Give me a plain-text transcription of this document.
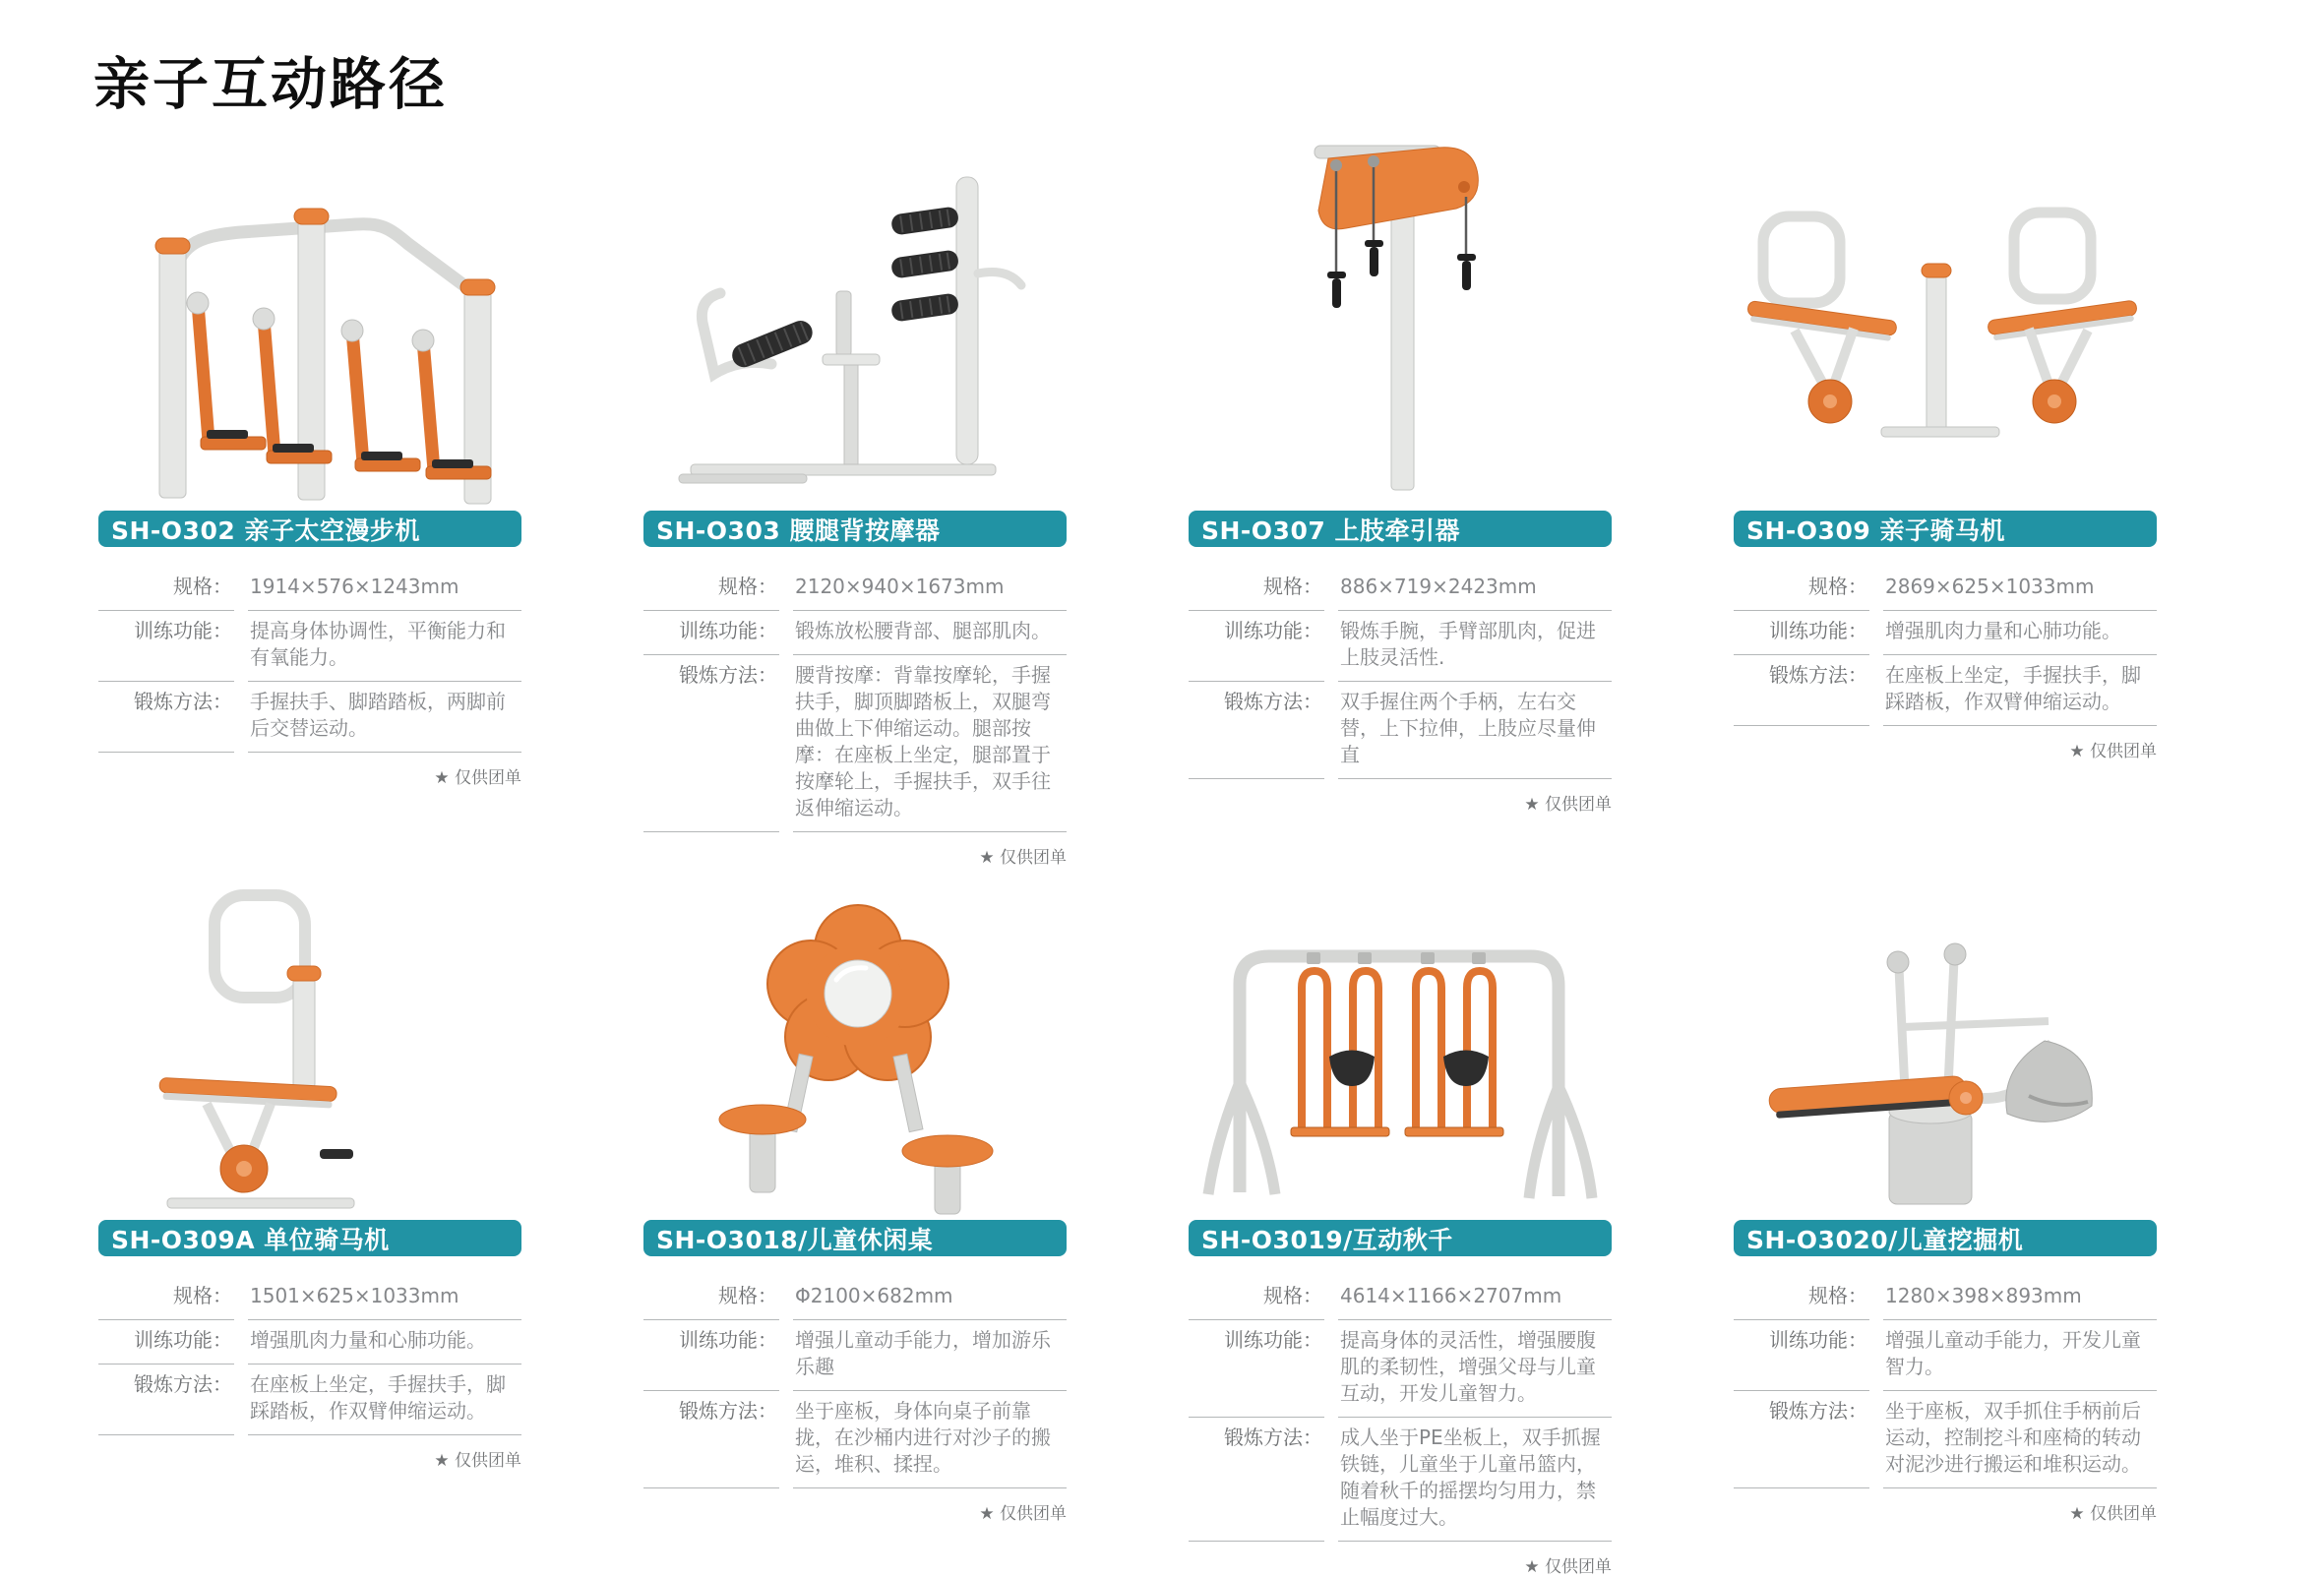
亲子互动路径
SH-O302 亲子太空漫步机
规格： 1914×576×1243mm
训练功能： 提高身体协调性，平衡能力和有氧能力。
锻炼方法： 手握扶手、脚踏踏板，两脚前后交替运动。
★ 仅供团单
SH-O303 腰腿背按摩器
规格： 2120×940×1673mm
训练功能： 锻炼放松腰背部、腿部肌肉。
锻炼方法： 腰背按摩：背靠按摩轮，手握扶手，脚顶脚踏板上，双腿弯曲做上下伸缩运动。腿部按摩：在座板上坐定，腿部置于按摩轮上，手握扶手，双手往返伸缩运动。
★ 仅供团单
SH-O307 上肢牵引器
规格： 886×719×2423mm
训练功能： 锻炼手腕，手臂部肌肉，促进上肢灵活性.
锻炼方法： 双手握住两个手柄，左右交替，上下拉伸，上肢应尽量伸直
★ 仅供团单
SH-O309 亲子骑马机
规格： 2869×625×1033mm
训练功能： 增强肌肉力量和心肺功能。
锻炼方法： 在座板上坐定，手握扶手，脚踩踏板，作双臂伸缩运动。
★ 仅供团单
SH-O309A 单位骑马机
规格： 1501×625×1033mm
训练功能： 增强肌肉力量和心肺功能。
锻炼方法： 在座板上坐定，手握扶手，脚踩踏板，作双臂伸缩运动。
★ 仅供团单
SH-O3018/儿童休闲桌
规格： Φ2100×682mm
训练功能： 增强儿童动手能力，增加游乐乐趣
锻炼方法： 坐于座板，身体向桌子前靠拢，在沙桶内进行对沙子的搬运，堆积、揉捏。
★ 仅供团单
SH-O3019/互动秋千
规格： 4614×1166×2707mm
训练功能： 提高身体的灵活性，增强腰腹肌的柔韧性，增强父母与儿童互动，开发儿童智力。
锻炼方法： 成人坐于PE坐板上，双手抓握铁链，儿童坐于儿童吊篮内，随着秋千的摇摆均匀用力，禁止幅度过大。
★ 仅供团单
SH-O3020/儿童挖掘机
规格： 1280×398×893mm
训练功能： 增强儿童动手能力，开发儿童智力。
锻炼方法： 坐于座板，双手抓住手柄前后运动，控制挖斗和座椅的转动对泥沙进行搬运和堆积运动。
★ 仅供团单
